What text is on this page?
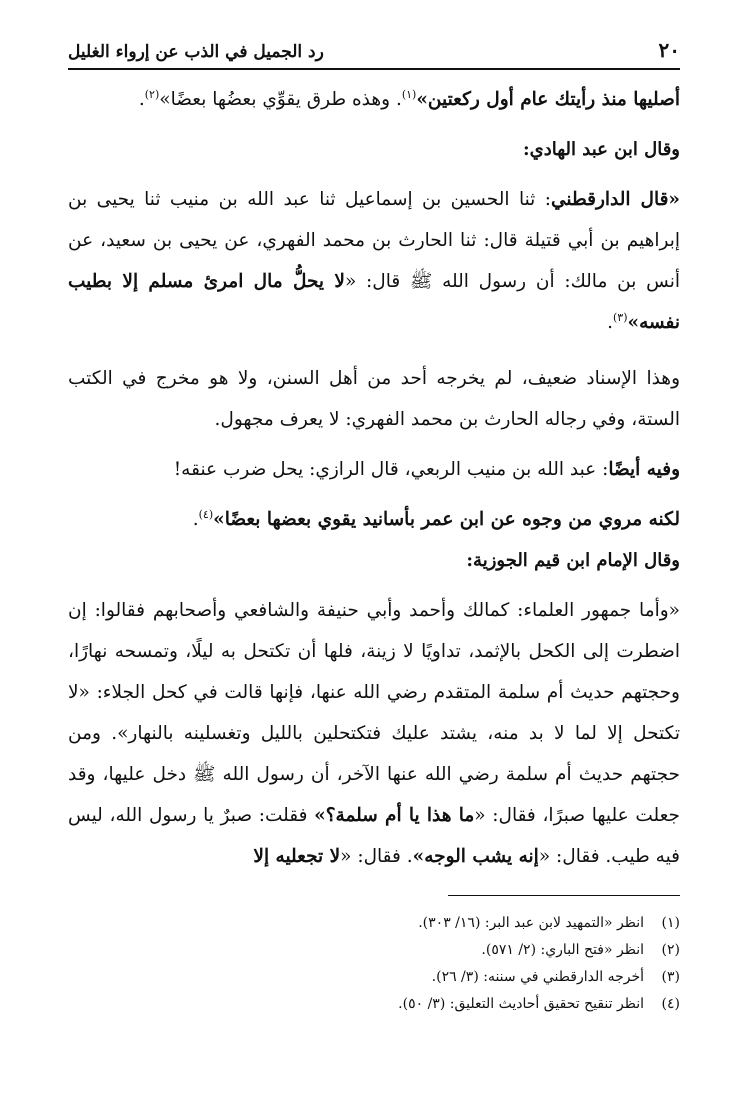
٢٠
رد الجميل في الذب عن إرواء الغليل

أصليها منذ رأيتك عام أول ركعتين»$^{(١)}$. وهذه طرق يقوِّي بعضُها بعضًا»$^{(٢)}$.

وقال ابن عبد الهادي:

«قال الدارقطني: ثنا الحسين بن إسماعيل ثنا عبد الله بن منيب ثنا يحيى بن إبراهيم بن أبي قتيلة قال: ثنا الحارث بن محمد الفهري، عن يحيى بن سعيد، عن أنس بن مالك: أن رسول الله ﷺ قال: «لا يحلُّ مال امرئ مسلم إلا بطيب نفسه»$^{(٣)}$.

وهذا الإسناد ضعيف، لم يخرجه أحد من أهل السنن، ولا هو مخرج في الكتب الستة، وفي رجاله الحارث بن محمد الفهري: لا يعرف مجهول.

وفيه أيضًا: عبد الله بن منيب الربعي، قال الرازي: يحل ضرب عنقه!

لكنه مروي من وجوه عن ابن عمر بأسانيد يقوي بعضها بعضًا»$^{(٤)}$.

وقال الإمام ابن قيم الجوزية:

«وأما جمهور العلماء: كمالك وأحمد وأبي حنيفة والشافعي وأصحابهم فقالوا: إن اضطرت إلى الكحل بالإثمد، تداويًا لا زينة، فلها أن تكتحل به ليلًا، وتمسحه نهارًا، وحجتهم حديث أم سلمة المتقدم رضي الله عنها، فإنها قالت في كحل الجلاء: «لا تكتحل إلا لما لا بد منه، يشتد عليك فتكتحلين بالليل وتغسلينه بالنهار». ومن حجتهم حديث أم سلمة رضي الله عنها الآخر، أن رسول الله ﷺ دخل عليها، وقد جعلت عليها صبرًا، فقال: «ما هذا يا أم سلمة؟» فقلت: صبرٌ يا رسول الله، ليس فيه طيب. فقال: «إنه يشب الوجه». فقال: «لا تجعليه إلا

(١)
انظر «التمهيد لابن عبد البر: (١٦/ ٣٠٣).
(٢)
انظر «فتح الباري: (٢/ ٥٧١).
(٣)
أخرجه الدارقطني في سننه: (٣/ ٢٦).
(٤)
انظر تنقيح تحقيق أحاديث التعليق: (٣/ ٥٠).
